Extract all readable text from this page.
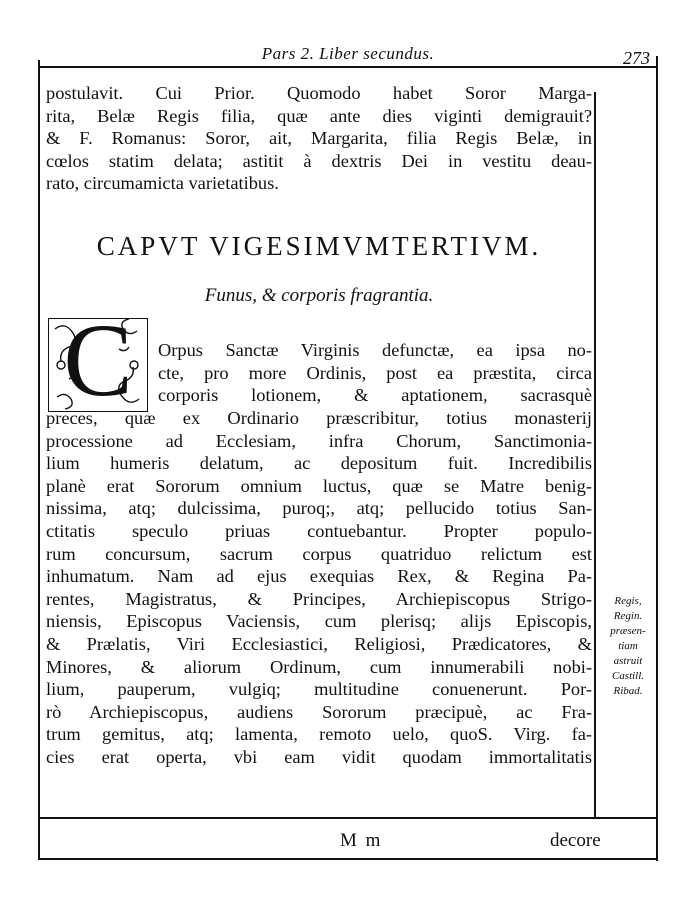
Pars 2. Liber secundus.	273
postulavit. Cui Prior. Quomodo habet Soror Marga-
rita, Belæ Regis filia, quæ ante dies viginti demigrauit?
& F. Romanus: Soror, ait, Margarita, filia Regis Belæ, in
cœlos statim delata; astitit à dextris Dei in vestitu deau-
rato, circumamicta varietatibus.
CAPVT VIGESIMVMTERTIVM.
Funus, & corporis fragrantia.
C	Orpus Sanctæ Virginis defunctæ, ea ipsa no-
cte, pro more Ordinis, post ea præstita, circa
corporis lotionem, & aptationem, sacrasquè
preces, quæ ex Ordinario præscribitur, totius monasterij
processione ad Ecclesiam, infra Chorum, Sanctimonia-
lium humeris delatum, ac depositum fuit. Incredibilis
planè erat Sororum omnium luctus, quæ se Matre benig-
nissima, atq; dulcissima, puroq;, atq; pellucido totius San-
ctitatis speculo priuas contuebantur. Propter populo-
rum concursum, sacrum corpus quatriduo relictum est
inhumatum. Nam ad ejus exequias Rex, & Regina Pa-
rentes, Magistratus, & Principes, Archiepiscopus Strigo-
niensis, Episcopus Vaciensis, cum plerisq; alijs Episcopis,
& Prælatis, Viri Ecclesiastici, Religiosi, Prædicatores, &
Minores, & aliorum Ordinum, cum innumerabili nobi-
lium, pauperum, vulgiq; multitudine conuenerunt. Por-
rò Archiepiscopus, audiens Sororum præcipuè, ac Fra-
trum gemitus, atq; lamenta, remoto uelo, quoS. Virg. fa-
cies erat operta, vbi eam vidit quodam immortalitatis
Regis,
Regin.
præsen-
tiam
astruit
Castill.
Ribad.
M m	decore
